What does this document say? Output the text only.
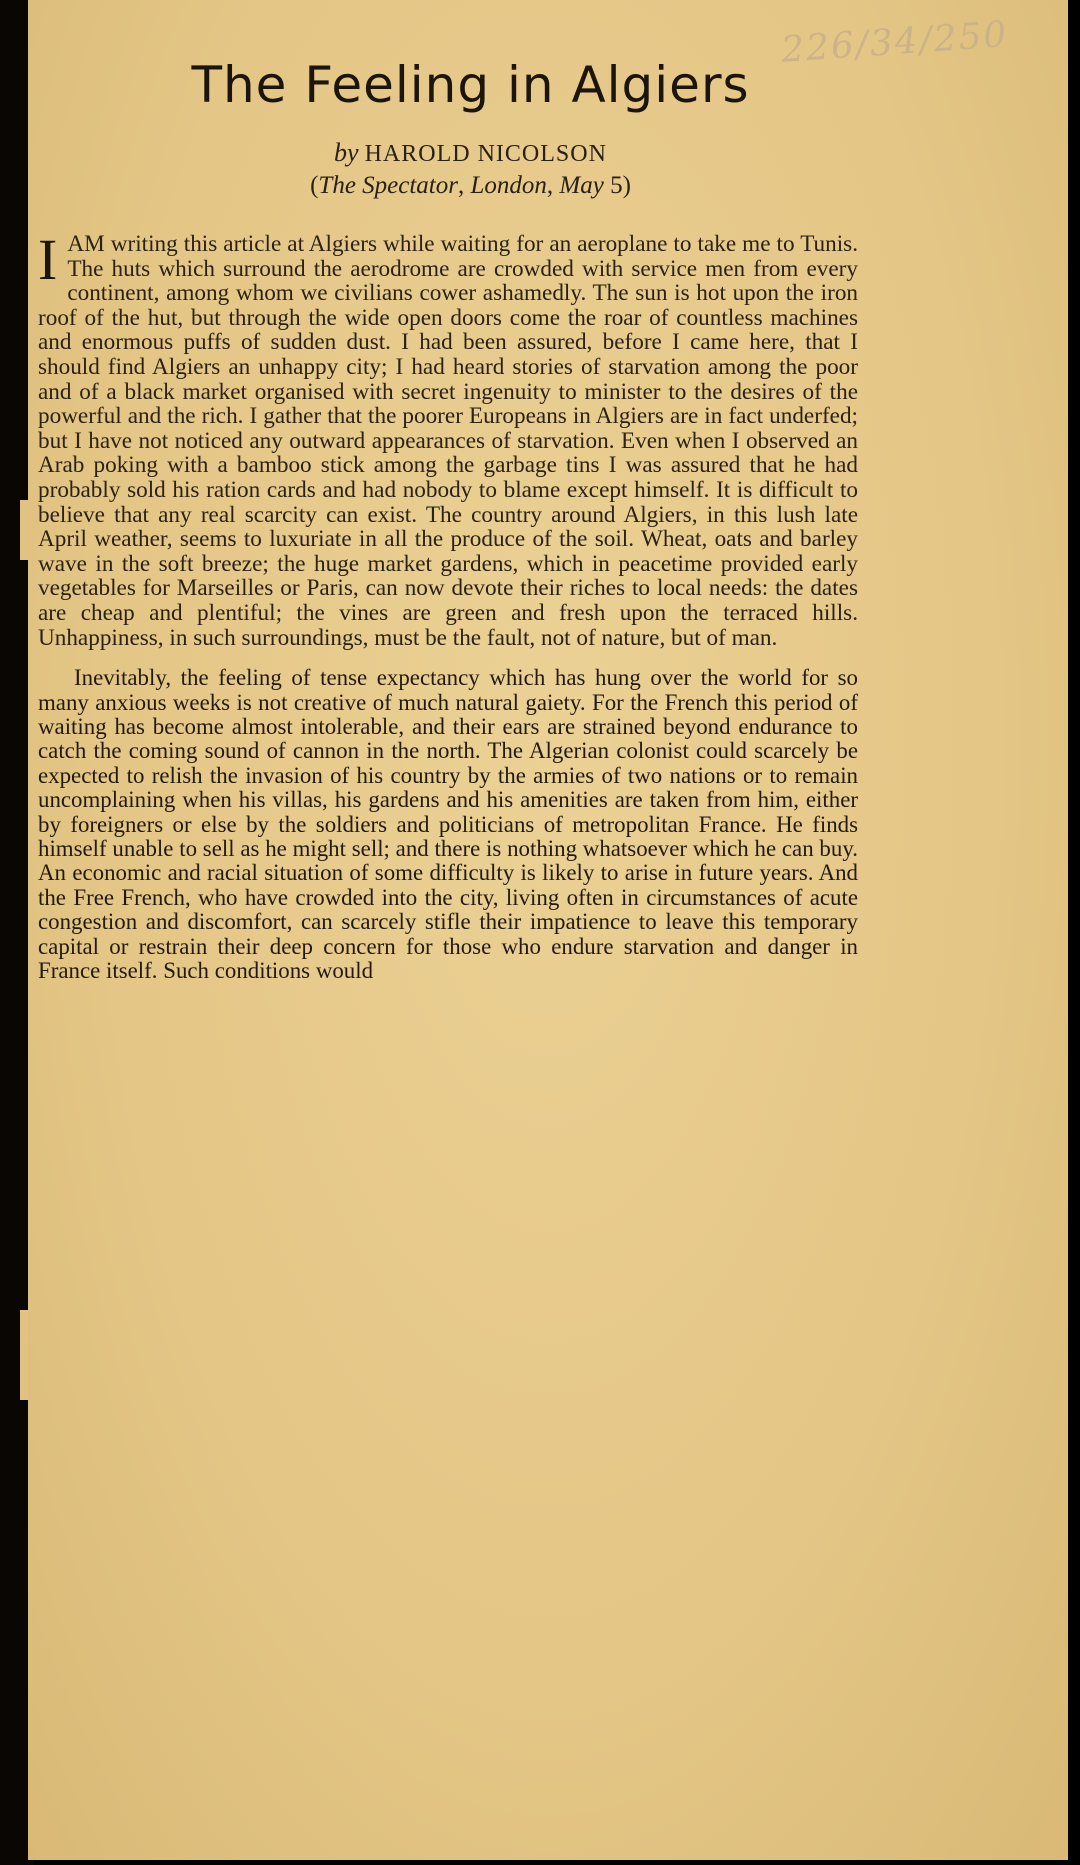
226/34/250
The Feeling in Algiers
by HAROLD NICOLSON
(The Spectator, London, May 5)

IAM writing this article at Algiers while waiting for an aeroplane to take me to Tunis. The huts which surround the aerodrome are crowded with service men from every continent, among whom we civilians cower ashamedly. The sun is hot upon the iron roof of the hut, but through the wide open doors come the roar of countless machines and enormous puffs of sudden dust. I had been assured, before I came here, that I should find Algiers an unhappy city; I had heard stories of starvation among the poor and of a black market organised with secret ingenuity to minister to the desires of the powerful and the rich. I gather that the poorer Europeans in Algiers are in fact underfed; but I have not noticed any outward appearances of starvation. Even when I observed an Arab poking with a bamboo stick among the garbage tins I was assured that he had probably sold his ration cards and had nobody to blame except himself. It is difficult to believe that any real scarcity can exist. The country around Algiers, in this lush late April weather, seems to luxuriate in all the produce of the soil. Wheat, oats and barley wave in the soft breeze; the huge market gardens, which in peacetime provided early vegetables for Marseilles or Paris, can now devote their riches to local needs: the dates are cheap and plentiful; the vines are green and fresh upon the terraced hills. Unhappiness, in such surroundings, must be the fault, not of nature, but of man.

Inevitably, the feeling of tense expectancy which has hung over the world for so many anxious weeks is not creative of much natural gaiety. For the French this period of waiting has become almost intolerable, and their ears are strained beyond endurance to catch the coming sound of cannon in the north. The Algerian colonist could scarcely be expected to relish the invasion of his country by the armies of two nations or to remain uncomplaining when his villas, his gardens and his amenities are taken from him, either by foreigners or else by the soldiers and politicians of metropolitan France. He finds himself unable to sell as he might sell; and there is nothing whatsoever which he can buy. An economic and racial situation of some difficulty is likely to arise in future years. And the Free French, who have crowded into the city, living often in circumstances of acute congestion and discomfort, can scarcely stifle their impatience to leave this temporary capital or restrain their deep concern for those who endure starvation and danger in France itself. Such conditions would
